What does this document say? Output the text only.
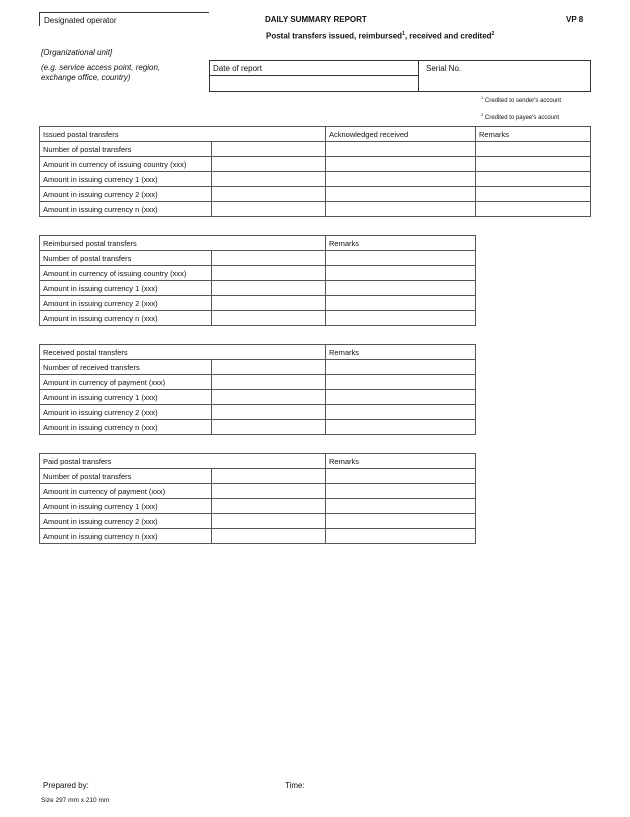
Designated operator	DAILY SUMMARY REPORT	VP 8
Postal transfers issued, reimbursed$^1$, received and credited$^2$
[Organizational unit]
(e.g. service access point, region, exchange office, country)
Date of report	Serial No.
$^1$ Credited to sender's account
$^2$ Credited to payee's account
Issued postal transfers		Acknowledged received	Remarks
Number of postal transfers			
Amount in currency of issuing country (xxx)			
Amount in issuing currency 1 (xxx)			
Amount in issuing currency 2 (xxx)			
Amount in issuing currency n (xxx)			
Reimbursed postal transfers		Remarks
Number of postal transfers		
Amount in currency of issuing country (xxx)		
Amount in issuing currency 1 (xxx)		
Amount in issuing currency 2 (xxx)		
Amount in issuing currency n (xxx)		
Received postal transfers		Remarks
Number of received transfers		
Amount in currency of payment (xxx)		
Amount in issuing currency 1 (xxx)		
Amount in issuing currency 2 (xxx)		
Amount in issuing currency n (xxx)		
Paid postal transfers		Remarks
Number of postal transfers		
Amount in currency of payment (xxx)		
Amount in issuing currency 1 (xxx)		
Amount in issuing currency 2 (xxx)		
Amount in issuing currency n (xxx)		
Prepared by:	Time:
Size 297 mm x 210 mm
